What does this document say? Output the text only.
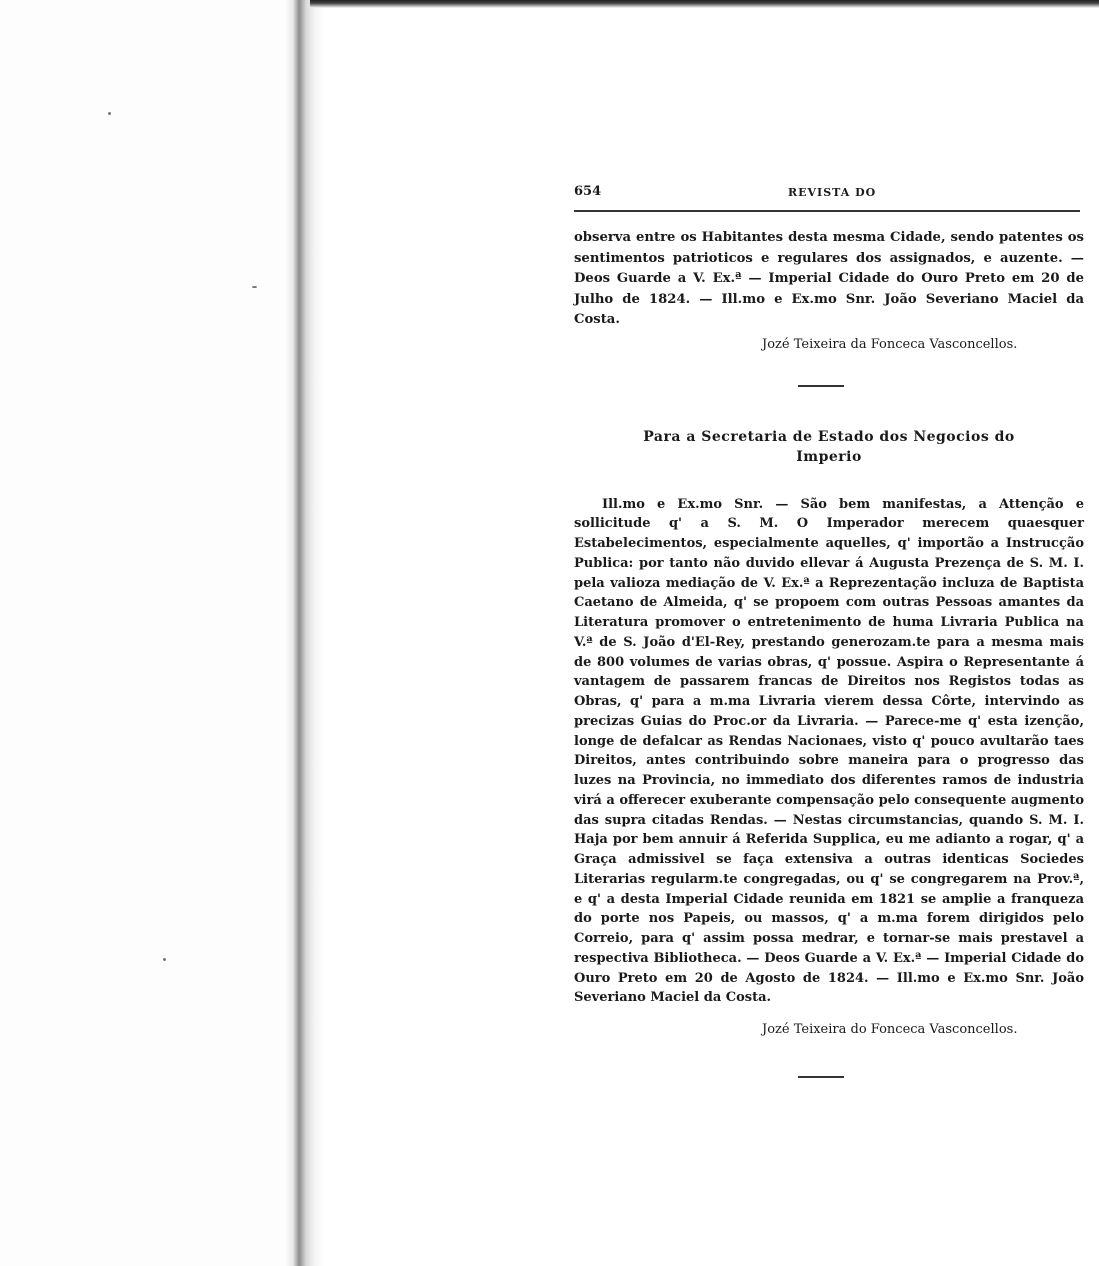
654	REVISTA DO

observa entre os Habitantes desta mesma Cidade, sendo patentes os sentimentos patrioticos e regulares dos assignados, e auzente. — Deos Guarde a V. Ex.ª — Imperial Cidade do Ouro Preto em 20 de Julho de 1824. — Ill.mo e Ex.mo Snr. João Severiano Maciel da Costa.

Jozé Teixeira da Fonceca Vasconcellos.

Para a Secretaria de Estado dos Negocios do
Imperio

Ill.mo e Ex.mo Snr. — São bem manifestas, a Attenção e sollicitude q' a S. M. O Imperador merecem quaesquer Estabelecimentos, especialmente aquelles, q' importão a Instrucção Publica: por tanto não duvido ellevar á Augusta Prezença de S. M. I. pela valioza mediação de V. Ex.ª a Reprezentação incluza de Baptista Caetano de Almeida, q' se propoem com outras Pessoas amantes da Literatura promover o entretenimento de huma Livraria Publica na V.ª de S. João d'El-Rey, prestando generozam.te para a mesma mais de 800 volumes de varias obras, q' possue. Aspira o Representante á vantagem de passarem francas de Direitos nos Registos todas as Obras, q' para a m.ma Livraria vierem dessa Côrte, intervindo as precizas Guias do Proc.or da Livraria. — Parece-me q' esta izenção, longe de defalcar as Rendas Nacionaes, visto q' pouco avultarão taes Direitos, antes contribuindo sobre maneira para o progresso das luzes na Provincia, no immediato dos diferentes ramos de industria virá a offerecer exuberante compensação pelo consequente augmento das supra citadas Rendas. — Nestas circumstancias, quando S. M. I. Haja por bem annuir á Referida Supplica, eu me adianto a rogar, q' a Graça admissivel se faça extensiva a outras identicas Sociedes Literarias regularm.te congregadas, ou q' se congregarem na Prov.ª, e q' a desta Imperial Cidade reunida em 1821 se amplie a franqueza do porte nos Papeis, ou massos, q' a m.ma forem dirigidos pelo Correio, para q' assim possa medrar, e tornar-se mais prestavel a respectiva Bibliotheca. — Deos Guarde a V. Ex.ª — Imperial Cidade do Ouro Preto em 20 de Agosto de 1824. — Ill.mo e Ex.mo Snr. João Severiano Maciel da Costa.

Jozé Teixeira do Fonceca Vasconcellos.
